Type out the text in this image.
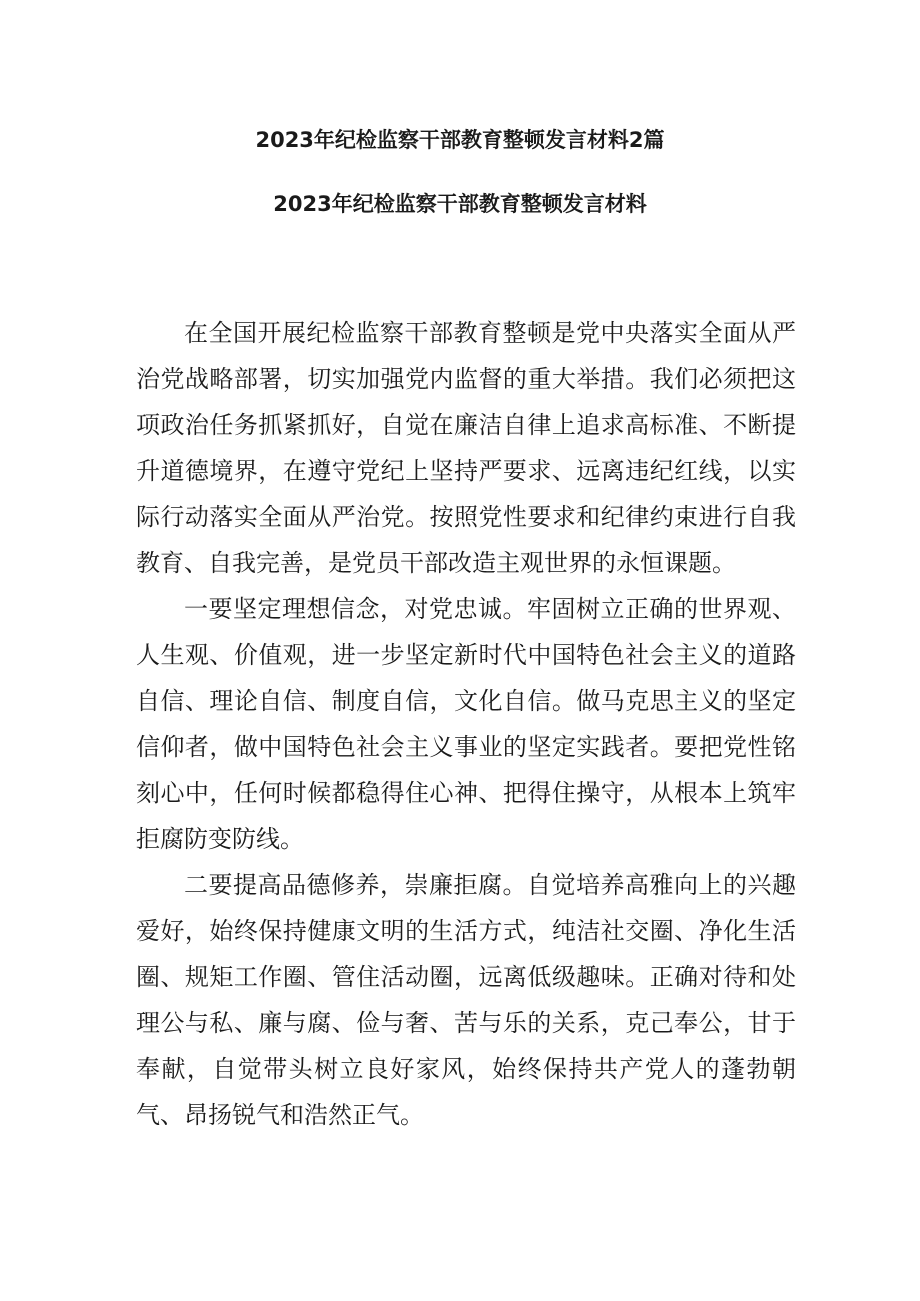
2023年纪检监察干部教育整顿发言材料2篇
2023年纪检监察干部教育整顿发言材料

在全国开展纪检监察干部教育整顿是党中央落实全面从严治党战略部署，切实加强党内监督的重大举措。我们必须把这项政治任务抓紧抓好，自觉在廉洁自律上追求高标准、不断提升道德境界，在遵守党纪上坚持严要求、远离违纪红线，以实际行动落实全面从严治党。按照党性要求和纪律约束进行自我教育、自我完善，是党员干部改造主观世界的永恒课题。

一要坚定理想信念，对党忠诚。牢固树立正确的世界观、人生观、价值观，进一步坚定新时代中国特色社会主义的道路自信、理论自信、制度自信，文化自信。做马克思主义的坚定信仰者，做中国特色社会主义事业的坚定实践者。要把党性铭刻心中，任何时候都稳得住心神、把得住操守，从根本上筑牢拒腐防变防线。

二要提高品德修养，崇廉拒腐。自觉培养高雅向上的兴趣爱好，始终保持健康文明的生活方式，纯洁社交圈、净化生活圈、规矩工作圈、管住活动圈，远离低级趣味。正确对待和处理公与私、廉与腐、俭与奢、苦与乐的关系，克己奉公，甘于奉献，自觉带头树立良好家风，始终保持共产党人的蓬勃朝气、昂扬锐气和浩然正气。
